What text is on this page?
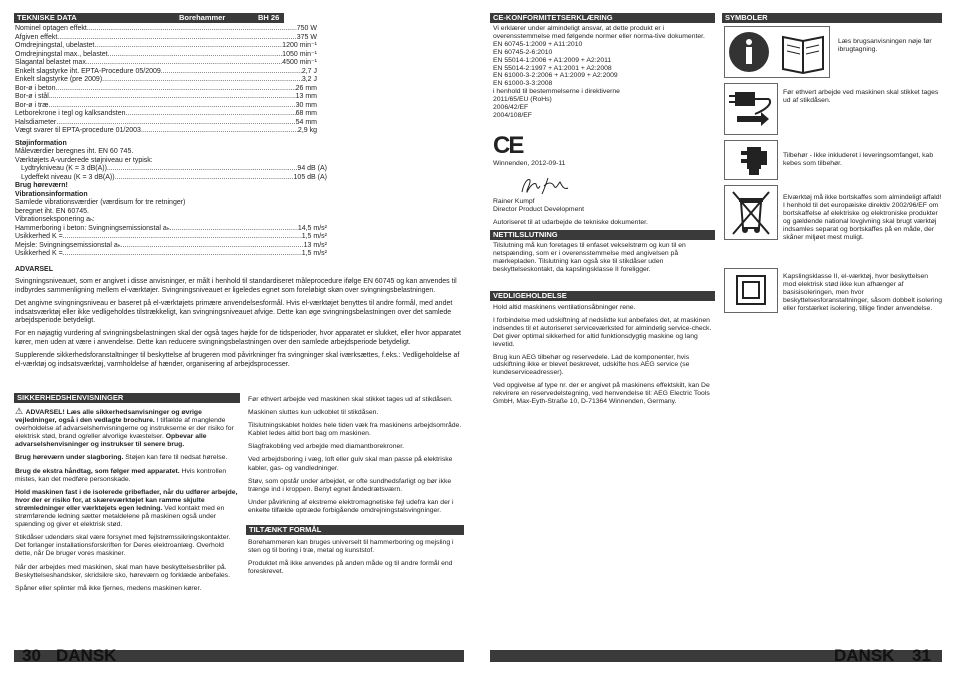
TEKNISKE DATA	Borehammer	BH 26 LE
Nominel optagen effekt .....	750 W
Afgiven effekt .....	375 W
Omdrejningstal, ubelastet .....	1200 min⁻¹
Omdrejningstal max., belastet .....	1050 min⁻¹
Slagantal belastet max. .....	4500 min⁻¹
Enkelt slagstyrke iht. EPTA-Procedure 05/2009 .....	2,7 J
Enkelt slagstyrke (pre 2009) .....	3,2 J
Bor-ø i beton .....	26 mm
Bor-ø i stål .....	13 mm
Bor-ø i træ .....	30 mm
Letborekrone i tegl og kalksandsten .....	68 mm
Halsdiameter .....	54 mm
Vægt svarer til EPTA-procedure 01/2003 .....	2,9 kg
Støjinformation
Måleværdier beregnes iht. EN 60 745.
Værktøjets A-vurderede støjniveau er typisk:
Lydtrykniveau (K = 3 dB(A)) .....	94 dB (A)
Lydeffekt niveau (K = 3 dB(A)) .....	105 dB (A)
Brug høreværn!
Vibrationsinformation
Samlede vibrationsværdier (værdisum for tre retninger)
beregnet iht. EN 60745.
Vibrationseksponering aₕ:
Hammerboring i beton: Svingningsemissionstal aₕ .....	14,5 m/s²
Usikkerhed K = .....	1,5 m/s²
Mejsle: Svingningsemissionstal aₕ .....	13 m/s²
Usikkerhed K = .....	1,5 m/s²
ADVARSEL

Svingningsniveauet, som er angivet i disse anvisninger, er målt i henhold til standardiseret måleprocedure ifølge EN 60745 og kan anvendes til indbyrdes sammenligning mellem el-værktøjer. Svingningsniveauet er ligeledes egnet som foreløbigt skøn over svingningsbelastningen.

Det angivne svingningsniveau er baseret på el-værktøjets primære anvendelsesformål. Hvis el-værktøjet benyttes til andre formål, med andet indsatsværktøj eller ikke vedligeholdes tilstrækkeligt, kan svingningsniveauet afvige. Dette kan øge svingningsbelastningen over det samlede arbejdsperiode betydeligt.

For en nøjagtig vurdering af svingningsbelastningen skal der også tages højde for de tidsperioder, hvor apparatet er slukket, eller hvor apparatet kører, men uden at være i anvendelse. Dette kan reducere svingningsbelastningen over den samlede arbejdsperiode betydeligt.

Supplerende sikkerhedsforanstaltninger til beskyttelse af brugeren mod påvirkninger fra svingninger skal iværksættes, f.eks.: Vedligeholdelse af el-værktøj og indsatsværktøj, varmholdelse af hænder, organisering af arbejdsprocesser.

SIKKERHEDSHENVISNINGER

⚠ ADVARSEL! Læs alle sikkerhedsanvisninger og øvrige vejledninger, også i den vedlagte brochure. I tilfælde af manglende overholdelse af advarselshenvisningerne og instrukserne er der risiko for elektrisk stød, brand og/eller alvorlige kvæstelser. Opbevar alle advarselshenvisninger og instrukser til senere brug.

Brug høreværn under slagboring. Støjen kan føre til nedsat hørelse.

Brug de ekstra håndtag, som følger med apparatet. Hvis kontrollen mistes, kan det medføre personskade.

Hold maskinen fast i de isolerede gribeflader, når du udfører arbejde, hvor der er risiko for, at skæreværktøjet kan ramme skjulte strømledninger eller værktøjets egen ledning. Ved kontakt med en strømførende ledning sætter metaldelene på maskinen også under spænding og giver et elektrisk stød.

Stikdåser udendørs skal være forsynet med fejlstrømssikringskontakter. Det forlanger installationsforskriften for Deres elektroanlæg. Overhold dette, når De bruger vores maskiner.

Når der arbejdes med maskinen, skal man have beskyttelsesbriller på. Beskyttelseshandsker, skridsikre sko, høreværn og forklæde anbefales.

Spåner eller splinter må ikke fjernes, medens maskinen kører.

Før ethvert arbejde ved maskinen skal stikket tages ud af stikdåsen.

Maskinen sluttes kun udkoblet til stikdåsen.

Tilslutningskablet holdes hele tiden væk fra maskinens arbejdsområde. Kablet ledes altid bort bag om maskinen.

Slagfrakobling ved arbejde med diamantborekroner.

Ved arbejdsboring i væg, loft eller gulv skal man passe på elektriske kabler, gas- og vandledninger.

Støv, som opstår under arbejdet, er ofte sundhedsfarligt og bør ikke trænge ind i kroppen. Benyt egnet åndedrætsværn.

Under påvirkning af ekstreme elektromagnetiske fejl udefra kan der i enkelte tilfælde optræde forbigående omdrejningstalsvingninger.

TILTÆNKT FORMÅL

Borehammeren kan bruges universelt til hammerboring og mejsling i sten og til boring i træ, metal og kunststof.

Produktet må ikke anvendes på anden måde og til andre formål end foreskrevet.

30 DANSK
CE-KONFORMITETSERKLÆRING
Vi erklærer under almindeligt ansvar, at dette produkt er i overensstemmelse med følgende normer eller norma-tive dokumenter.
EN 60745-1:2009 + A11:2010
EN 60745-2-6:2010
EN 55014-1:2006 + A1:2009 + A2:2011
EN 55014-2:1997 + A1:2001 + A2:2008
EN 61000-3-2:2006 + A1:2009 + A2:2009
EN 61000-3-3:2008
i henhold til bestemmelserne i direktiverne
2011/65/EU (RoHs)
2006/42/EF
2004/108/EF
CE
Winnenden, 2012-09-11
Rainer Kumpf
Director Product Development
Autoriseret til at udarbejde de tekniske dokumenter.
NETTILSLUTNING
Tilslutning må kun foretages til enfaset vekselstrøm og kun til en netspænding, som er i overensstemmelse med angivelsen på mærkepladen. Tilslutning kan også ske til stikdåser uden beskyttelseskontakt, da kapslingsklasse II foreligger.
VEDLIGEHOLDELSE

Hold altid maskinens ventilationsåbninger rene.

I forbindelse med udskiftning af nedslidte kul anbefales det, at maskinen indsendes til et autoriseret serviceværksted for almindelig service-check. Det giver optimal sikkerhed for altid funktionsdygtig maskine og lang levetid.

Brug kun AEG tilbehør og reservedele. Lad de komponenter, hvis udskiftning ikke er blevet beskrevet, udskifte hos AEG service (se kundeserviceadresser).

Ved opgivelse af type nr. der er angivet på maskinens effektskilt, kan De rekvirere en reservedelstegning, ved henvendelse til: AEG Electric Tools GmbH, Max-Eyth-Straße 10, D-71364 Winnenden, Germany.

SYMBOLER
Læs brugsanvisningen nøje før ibrugtagning.
Før ethvert arbejde ved maskinen skal stikket tages ud af stikdåsen.
Tilbehør - Ikke inkluderet i leveringsomfanget, kab kebes som tilbehør.
Elværktøj må ikke bortskaffes som almindeligt affald! I henhold til det europæiske direktiv 2002/96/EF om bortskaffelse af elektriske og elektroniske produkter og gældende national lovgivning skal brugt værktøj indsamles separat og bortskaffes på en måde, der skåner miljøet mest muligt.
Kapslingsklasse II, el-værktøj, hvor beskyttelsen mod elektrisk stød ikke kun afhænger af basisisoleringen, men hvor beskyttelsesforanstaltninger, såsom dobbelt isolering eller forstærket isolering, tillige finder anvendelse.
DANSK 31
